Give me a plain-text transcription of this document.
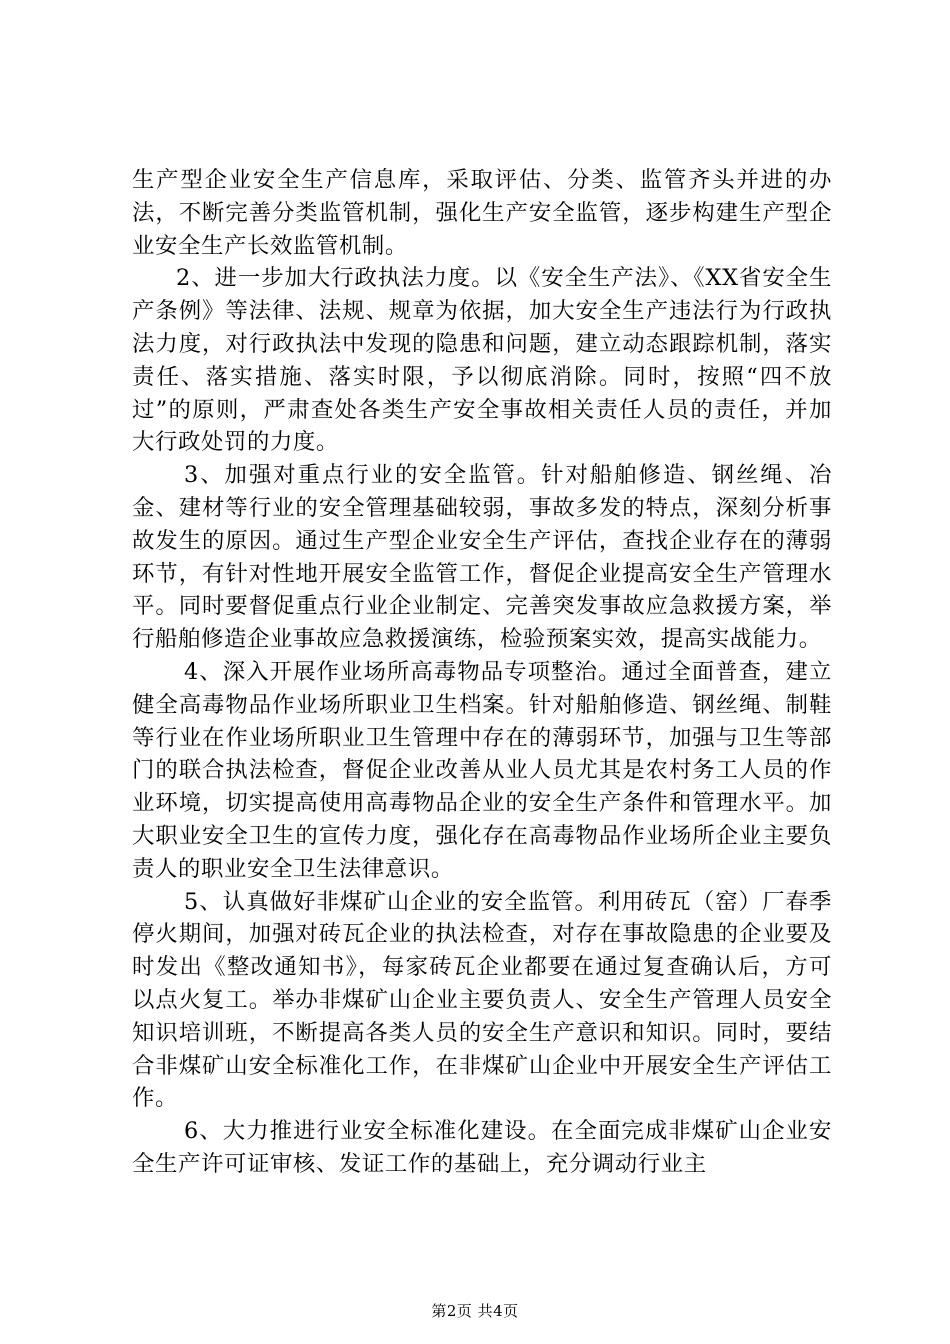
生产型企业安全生产信息库，采取评估、分类、监管齐头并进的办法，不断完善分类监管机制，强化生产安全监管，逐步构建生产型企业安全生产长效监管机制。

2、进一步加大行政执法力度。以《安全生产法》、《XX省安全生产条例》等法律、法规、规章为依据，加大安全生产违法行为行政执法力度，对行政执法中发现的隐患和问题，建立动态跟踪机制，落实责任、落实措施、落实时限，予以彻底消除。同时，按照“四不放过”的原则，严肃查处各类生产安全事故相关责任人员的责任，并加大行政处罚的力度。

3、加强对重点行业的安全监管。针对船舶修造、钢丝绳、冶金、建材等行业的安全管理基础较弱，事故多发的特点，深刻分析事故发生的原因。通过生产型企业安全生产评估，查找企业存在的薄弱环节，有针对性地开展安全监管工作，督促企业提高安全生产管理水平。同时要督促重点行业企业制定、完善突发事故应急救援方案，举行船舶修造企业事故应急救援演练，检验预案实效，提高实战能力。

4、深入开展作业场所高毒物品专项整治。通过全面普查，建立健全高毒物品作业场所职业卫生档案。针对船舶修造、钢丝绳、制鞋等行业在作业场所职业卫生管理中存在的薄弱环节，加强与卫生等部门的联合执法检查，督促企业改善从业人员尤其是农村务工人员的作业环境，切实提高使用高毒物品企业的安全生产条件和管理水平。加大职业安全卫生的宣传力度，强化存在高毒物品作业场所企业主要负责人的职业安全卫生法律意识。

5、认真做好非煤矿山企业的安全监管。利用砖瓦（窑）厂春季停火期间，加强对砖瓦企业的执法检查，对存在事故隐患的企业要及时发出《整改通知书》，每家砖瓦企业都要在通过复查确认后，方可以点火复工。举办非煤矿山企业主要负责人、安全生产管理人员安全知识培训班，不断提高各类人员的安全生产意识和知识。同时，要结合非煤矿山安全标准化工作，在非煤矿山企业中开展安全生产评估工作。

6、大力推进行业安全标准化建设。在全面完成非煤矿山企业安全生产许可证审核、发证工作的基础上，充分调动行业主

第2页 共4页
